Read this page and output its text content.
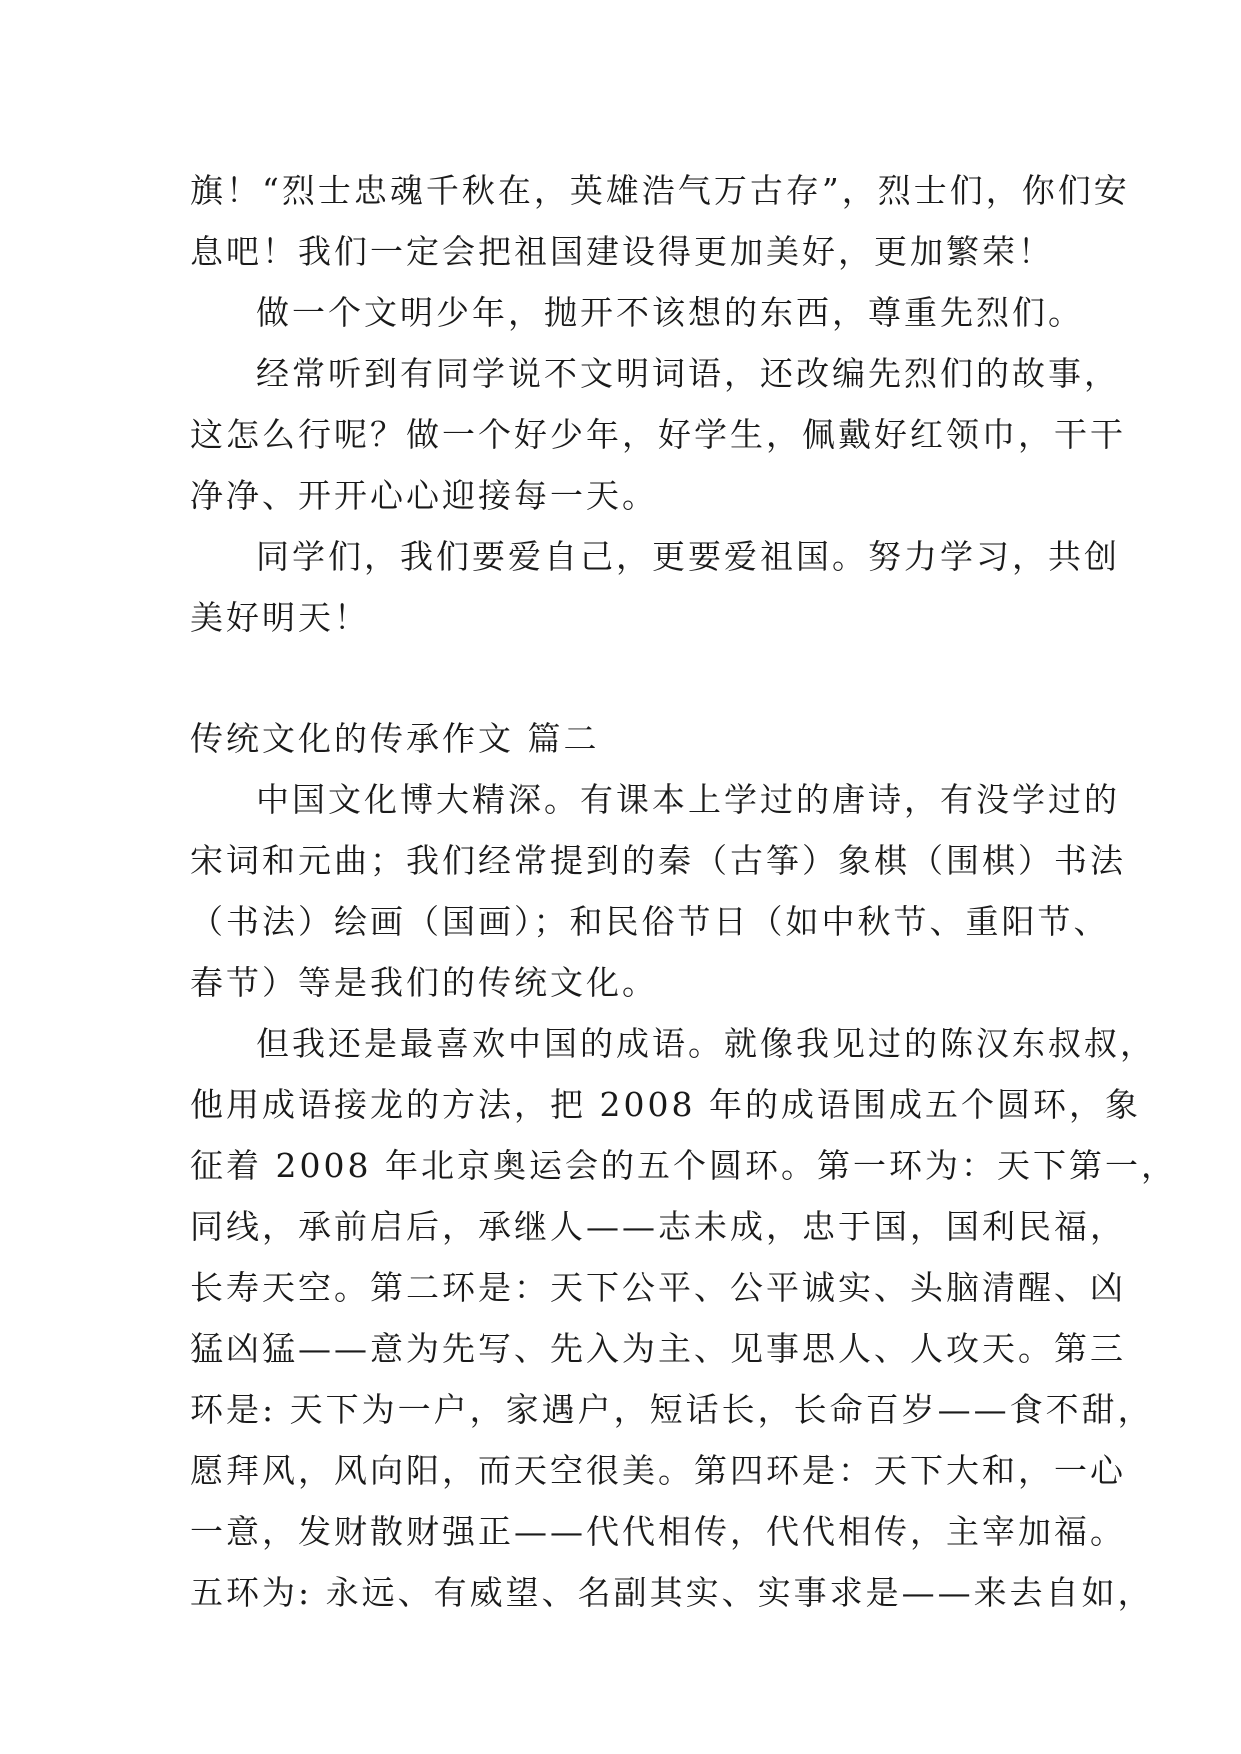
旗！“烈士忠魂千秋在，英雄浩气万古存”，烈士们，你们安
息吧！我们一定会把祖国建设得更加美好，更加繁荣！
做一个文明少年，抛开不该想的东西，尊重先烈们。
经常听到有同学说不文明词语，还改编先烈们的故事，
这怎么行呢？做一个好少年，好学生，佩戴好红领巾，干干
净净、开开心心迎接每一天。
同学们，我们要爱自己，更要爱祖国。努力学习，共创
美好明天！
传统文化的传承作文 篇二
中国文化博大精深。有课本上学过的唐诗，有没学过的
宋词和元曲；我们经常提到的秦（古筝）象棋（围棋）书法
（书法）绘画（国画）；和民俗节日（如中秋节、重阳节、
春节）等是我们的传统文化。
但我还是最喜欢中国的成语。就像我见过的陈汉东叔叔，
他用成语接龙的方法，把 2008 年的成语围成五个圆环，象
征着 2008 年北京奥运会的五个圆环。第一环为：天下第一，
同线，承前启后，承继人——志未成，忠于国，国利民福，
长寿天空。第二环是：天下公平、公平诚实、头脑清醒、凶
猛凶猛——意为先写、先入为主、见事思人、人攻天。第三
环是: 天下为一户，家遇户，短话长，长命百岁——食不甜，
愿拜风，风向阳，而天空很美。第四环是：天下大和，一心
一意，发财散财强正——代代相传，代代相传，主宰加福。
五环为: 永远、有威望、名副其实、实事求是——来去自如，
